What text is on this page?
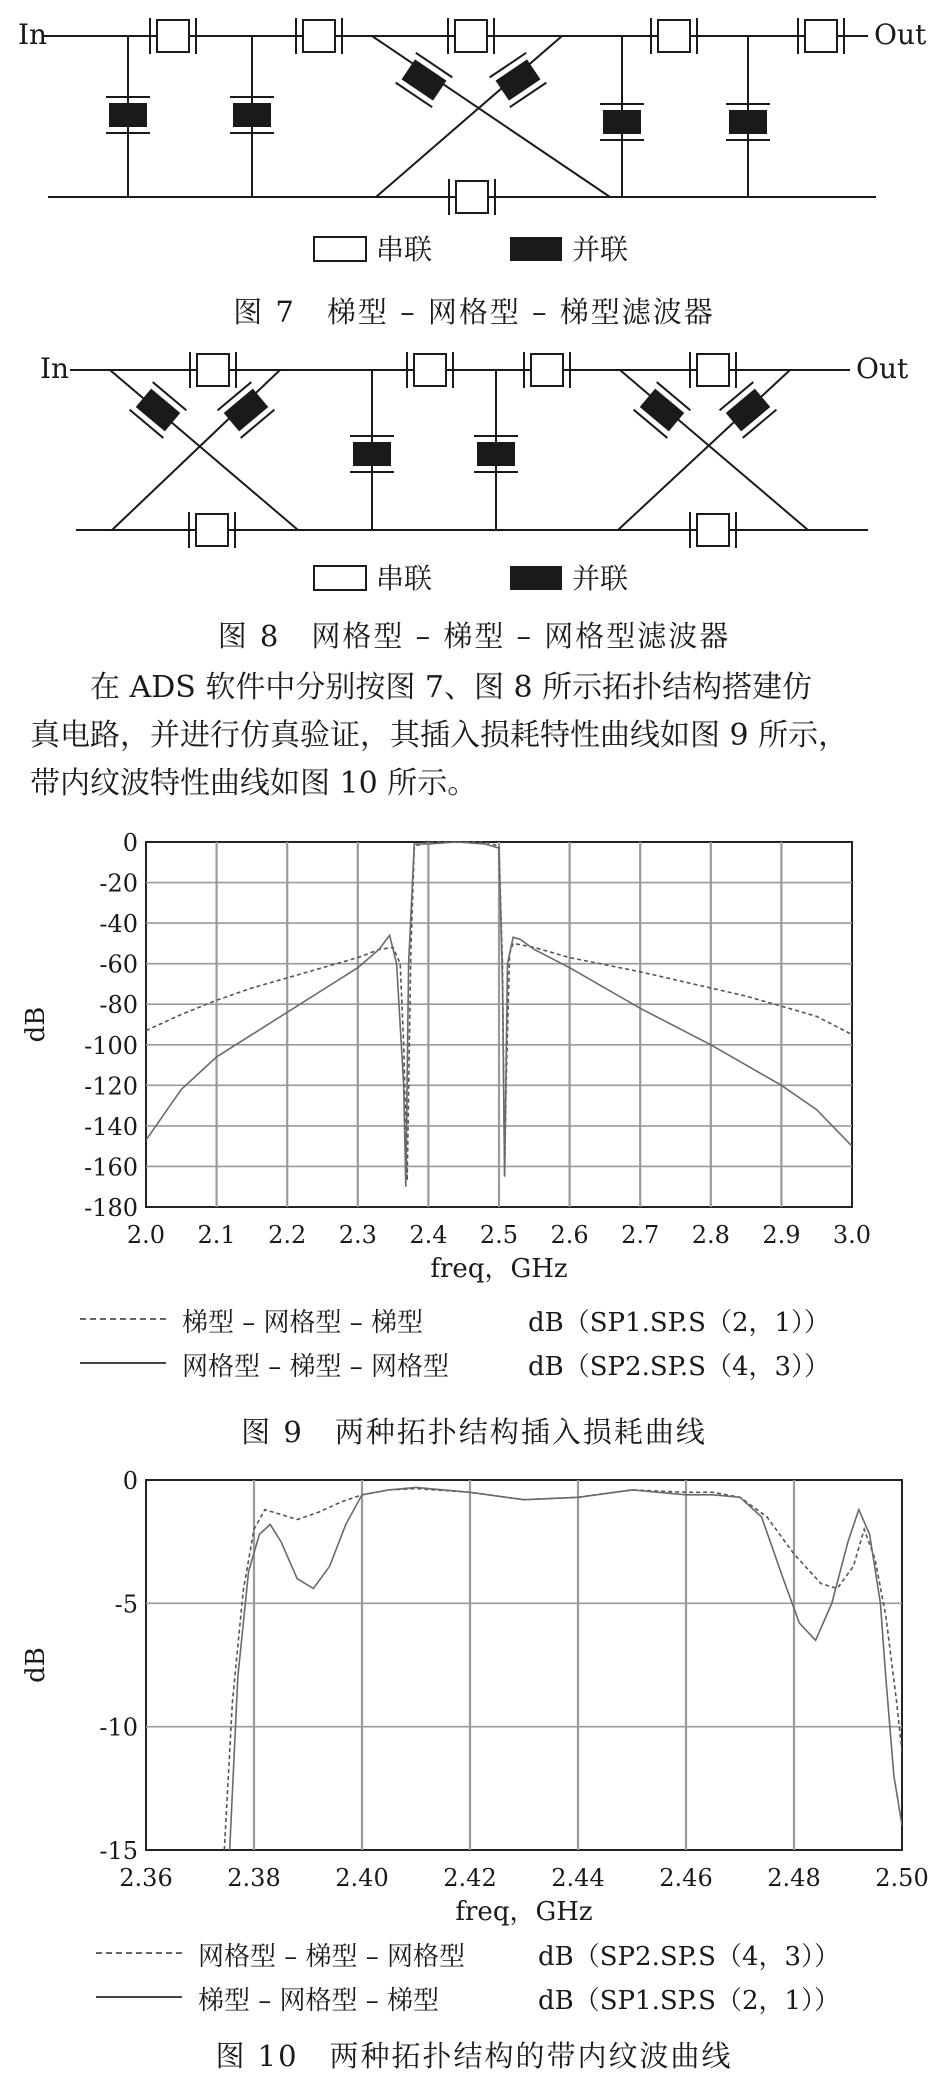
In	Out
串联	并联
图 7　梯型 – 网格型 – 梯型滤波器
In	Out
串联	并联
图 8　网格型 – 梯型 – 网格型滤波器

在 ADS 软件中分别按图 7、图 8 所示拓扑结构搭建仿

真电路，并进行仿真验证，其插入损耗特性曲线如图 9 所示，

带内纹波特性曲线如图 10 所示。

2.0 2.1 2.2 2.3 2.4 2.5 2.6 2.7 2.8 2.9 3.0
0
-20
-40
-60
-80
-100
-120
-140
-160
-180
freq，GHz
dB
梯型 – 网格型 – 梯型	dB（SP1.SP.S（2，1））
网格型 – 梯型 – 网格型	dB（SP2.SP.S（4，3））
图 9　两种拓扑结构插入损耗曲线
2.36 2.38 2.40 2.42 2.44 2.46 2.48 2.50
0
-5
-10
-15
freq，GHz
dB
网格型 – 梯型 – 网格型	dB（SP2.SP.S（4，3））
梯型 – 网格型 – 梯型	dB（SP1.SP.S（2，1））
图 10　两种拓扑结构的带内纹波曲线
